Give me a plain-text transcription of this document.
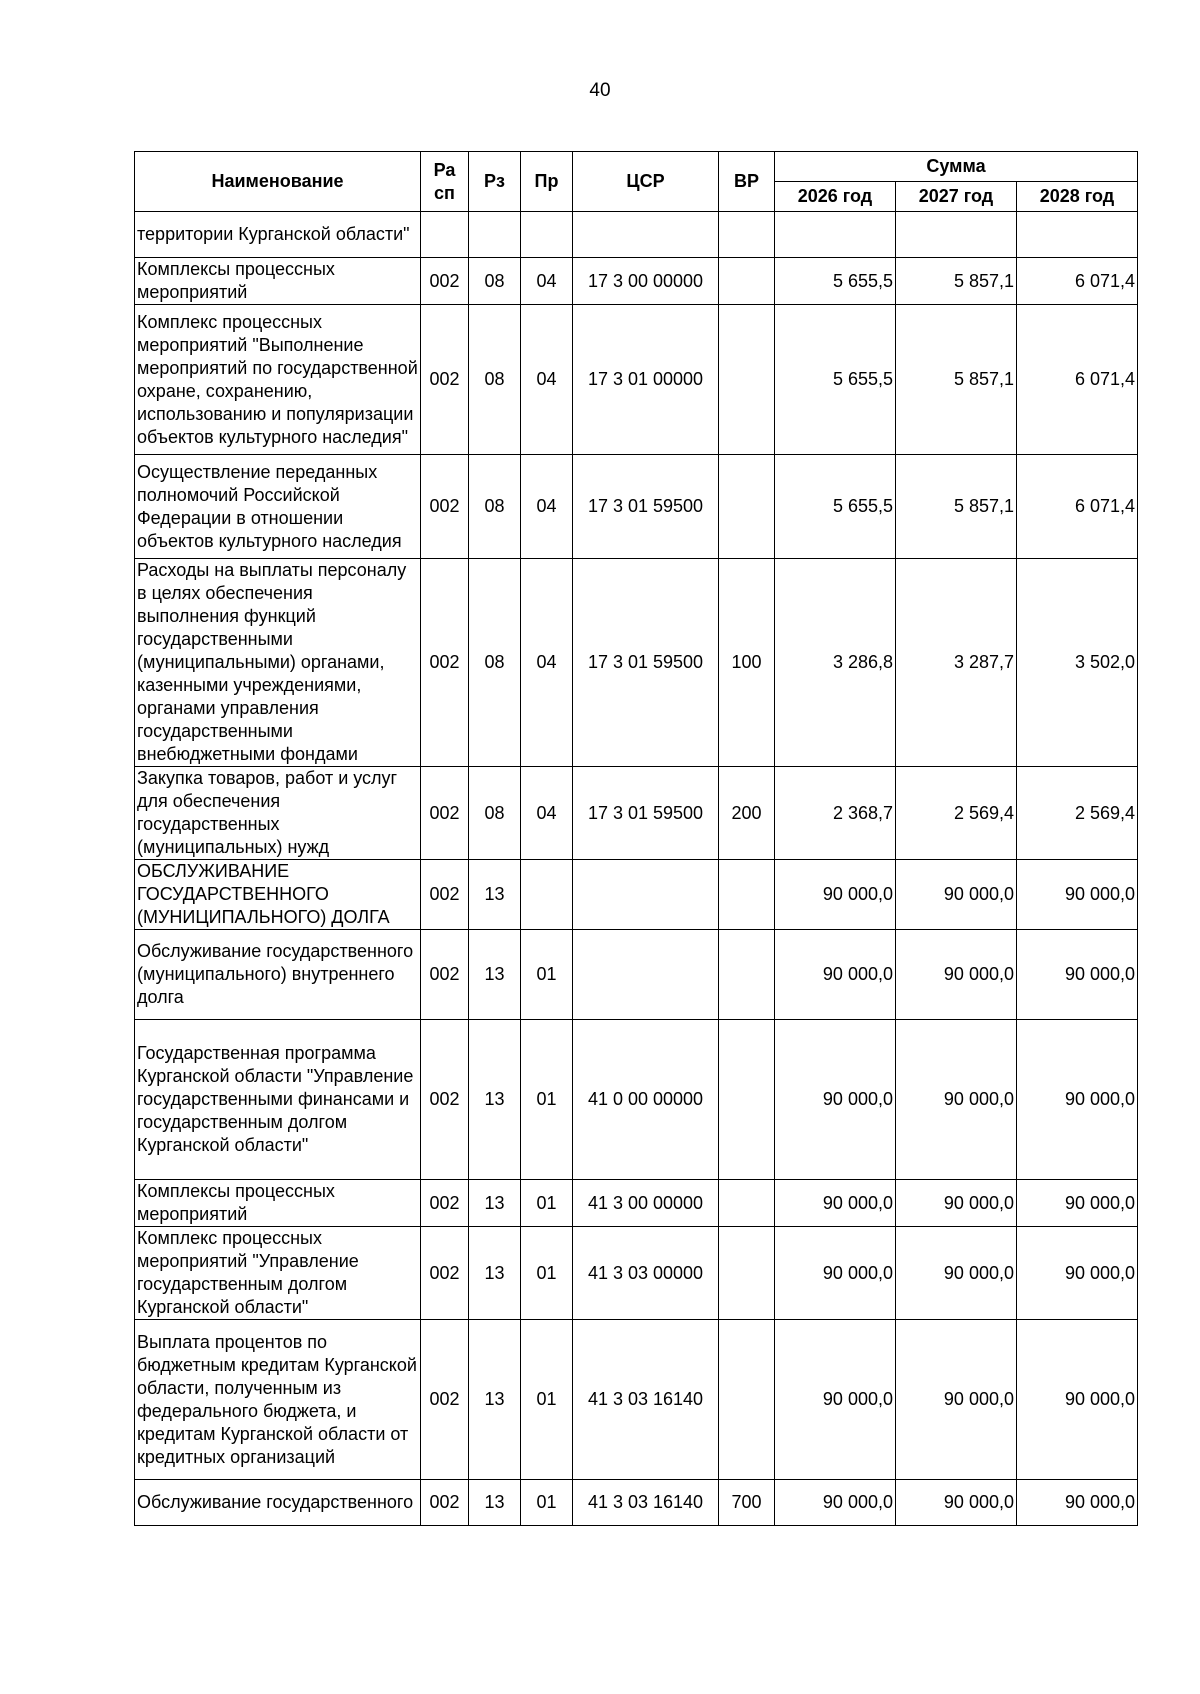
40
Наименование	Ра сп	Рз	Пр	ЦСР	ВР	Сумма		
						2026 год	2027 год	2028 год
территории Курганской области"								
Комплексы процессных мероприятий	002	08	04	17 3 00 00000		5 655,5	5 857,1	6 071,4
Комплекс процессных мероприятий "Выполнение мероприятий по государственной охране, сохранению, использованию и популяризации объектов культурного наследия"	002	08	04	17 3 01 00000		5 655,5	5 857,1	6 071,4
Осуществление переданных полномочий Российской Федерации в отношении объектов культурного наследия	002	08	04	17 3 01 59500		5 655,5	5 857,1	6 071,4
Расходы на выплаты персоналу в целях обеспечения выполнения функций государственными (муниципальными) органами, казенными учреждениями, органами управления государственными внебюджетными фондами	002	08	04	17 3 01 59500	100	3 286,8	3 287,7	3 502,0
Закупка товаров, работ и услуг для обеспечения государственных (муниципальных) нужд	002	08	04	17 3 01 59500	200	2 368,7	2 569,4	2 569,4
ОБСЛУЖИВАНИЕ ГОСУДАРСТВЕННОГО (МУНИЦИПАЛЬНОГО) ДОЛГА	002	13				90 000,0	90 000,0	90 000,0
Обслуживание государственного (муниципального) внутреннего долга	002	13	01			90 000,0	90 000,0	90 000,0
Государственная программа Курганской области "Управление государственными финансами и государственным долгом Курганской области"	002	13	01	41 0 00 00000		90 000,0	90 000,0	90 000,0
Комплексы процессных мероприятий	002	13	01	41 3 00 00000		90 000,0	90 000,0	90 000,0
Комплекс процессных мероприятий "Управление государственным долгом Курганской области"	002	13	01	41 3 03 00000		90 000,0	90 000,0	90 000,0
Выплата процентов по бюджетным кредитам Курганской области, полученным из федерального бюджета, и кредитам Курганской области от кредитных организаций	002	13	01	41 3 03 16140		90 000,0	90 000,0	90 000,0
Обслуживание государственного	002	13	01	41 3 03 16140	700	90 000,0	90 000,0	90 000,0
